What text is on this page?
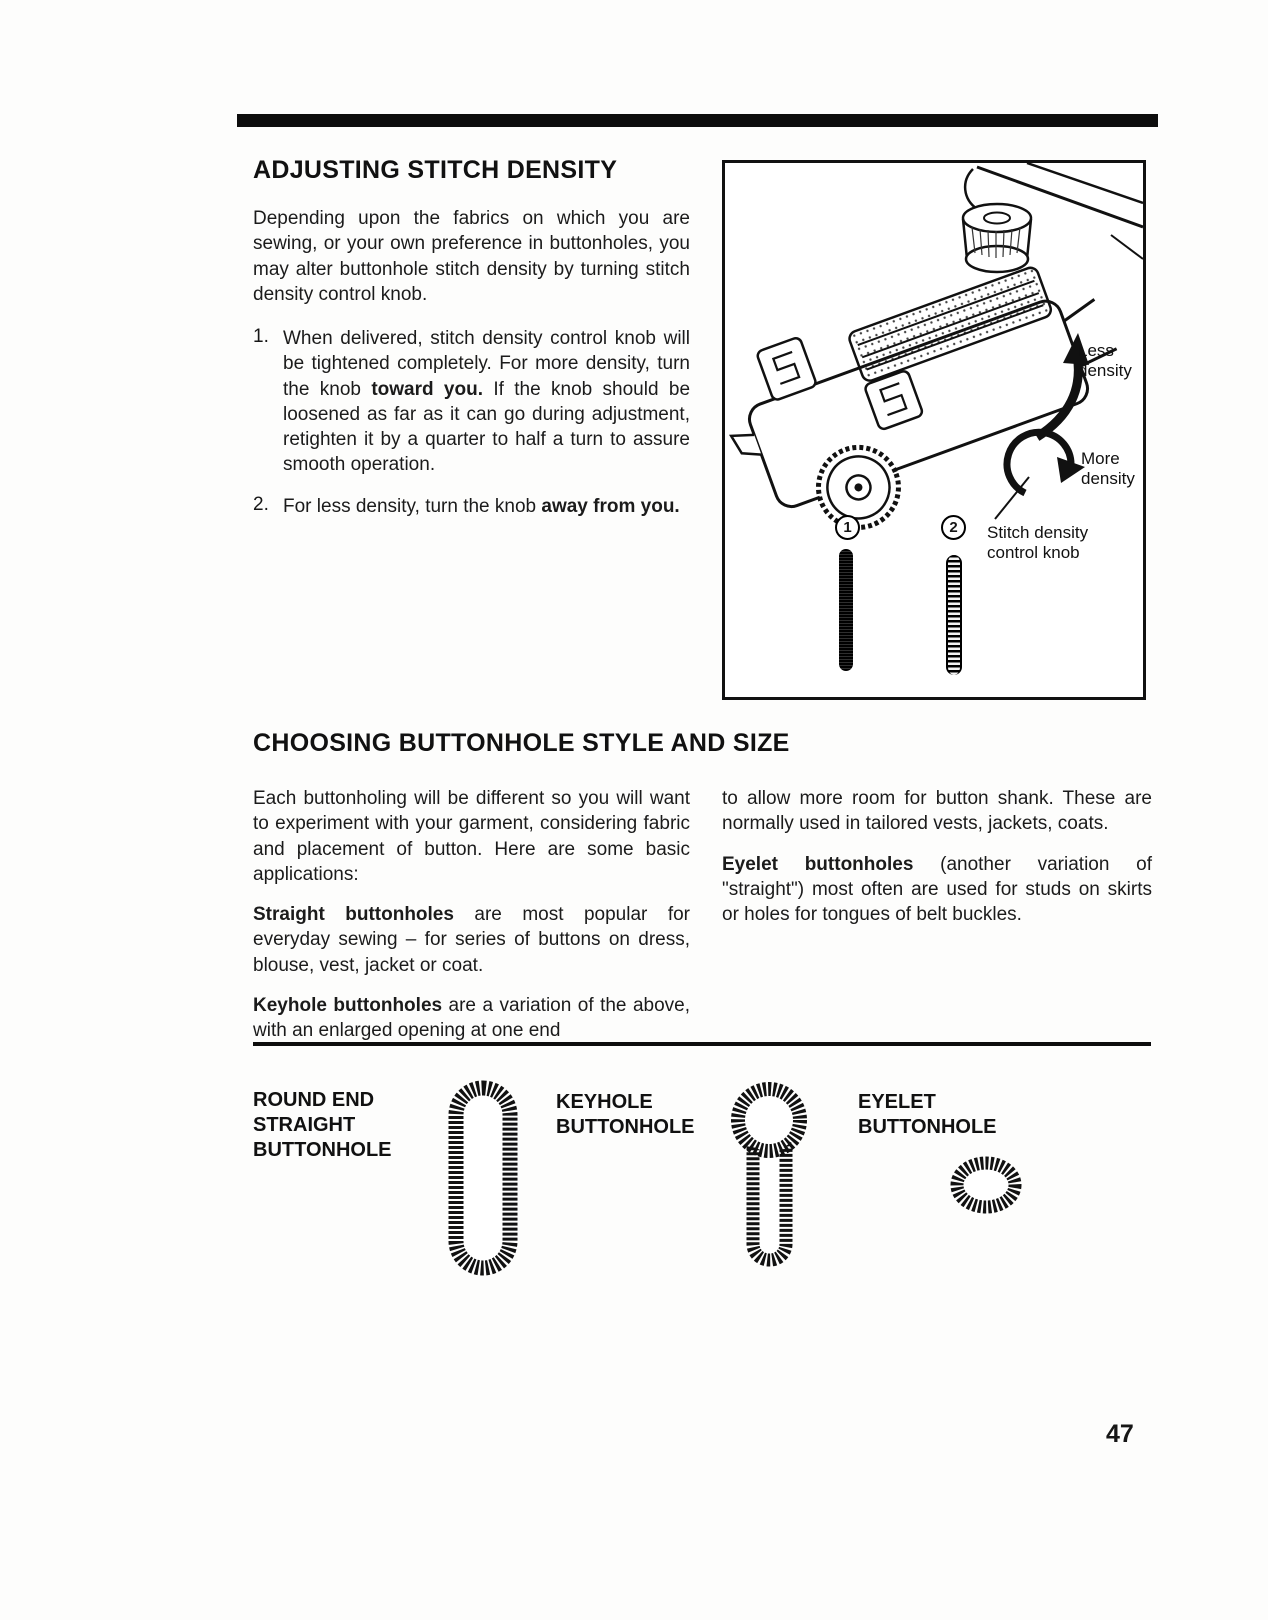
ADJUSTING STITCH DENSITY

Depending upon the fabrics on which you are sewing, or your own preference in buttonholes, you may alter buttonhole stitch density by turning stitch density control knob.

1. When delivered, stitch density control knob will be tightened completely. For more density, turn the knob toward you. If the knob should be loosened as far as it can go during adjustment, retighten it by a quarter to half a turn to assure smooth operation.

2. For less density, turn the knob away from you.

Less density
More density
Stitch density control knob
1	2
CHOOSING BUTTONHOLE STYLE AND SIZE

Each buttonholing will be different so you will want to experiment with your garment, considering fabric and placement of button. Here are some basic applications:

Straight buttonholes are most popular for everyday sewing – for series of buttons on dress, blouse, vest, jacket or coat.

Keyhole buttonholes are a variation of the above, with an enlarged opening at one end

to allow more room for button shank. These are normally used in tailored vests, jackets, coats.

Eyelet buttonholes (another variation of "straight") most often are used for studs on skirts or holes for tongues of belt buckles.

ROUND END STRAIGHT BUTTONHOLE
KEYHOLE BUTTONHOLE
EYELET BUTTONHOLE
47
